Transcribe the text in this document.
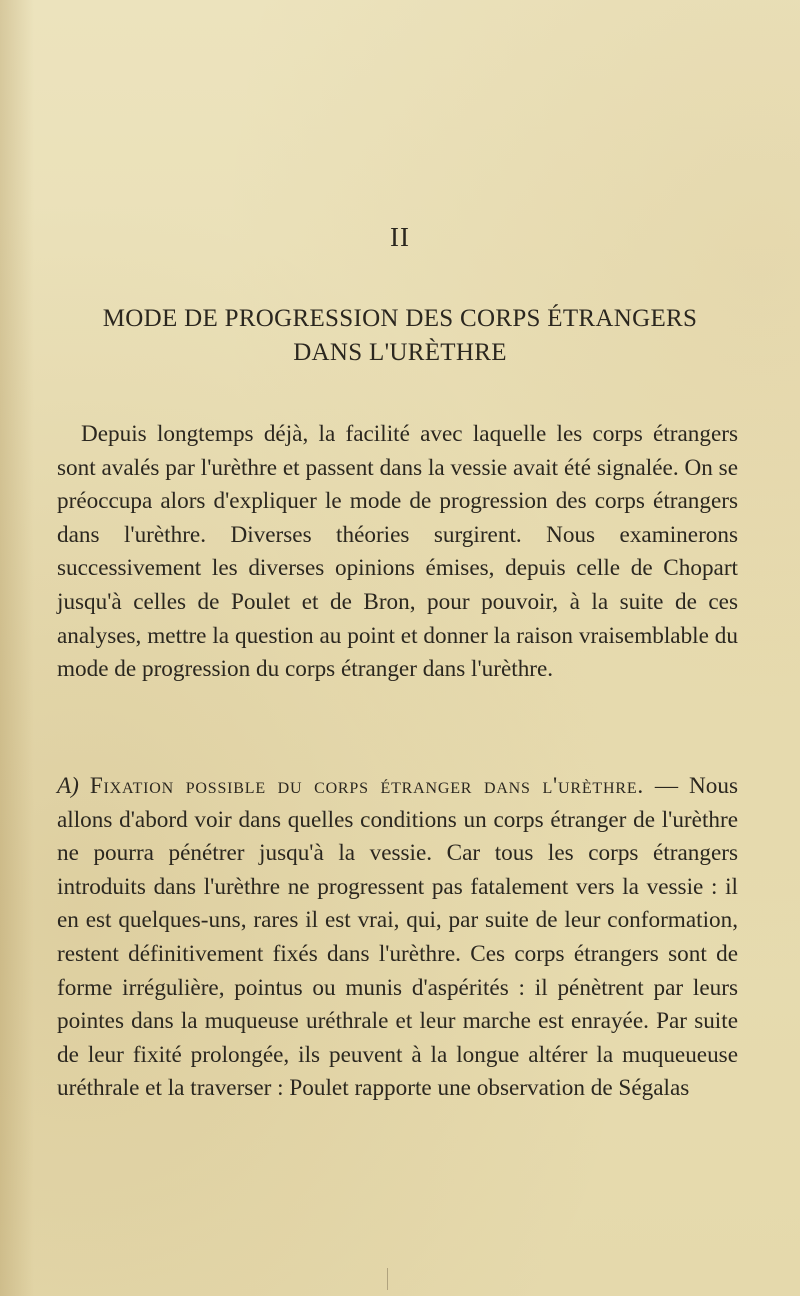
II
MODE DE PROGRESSION DES CORPS ÉTRANGERS
DANS L'URÈTHRE

Depuis longtemps déjà, la facilité avec laquelle les corps étrangers sont avalés par l'urèthre et passent dans la vessie avait été signalée. On se préoccupa alors d'expliquer le mode de progression des corps étrangers dans l'urèthre. Diverses théories surgirent. Nous examinerons successivement les diverses opinions émises, depuis celle de Chopart jusqu'à celles de Poulet et de Bron, pour pouvoir, à la suite de ces analyses, mettre la question au point et donner la raison vraisemblable du mode de progression du corps étranger dans l'urèthre.

A) Fixation possible du corps étranger dans l'urèthre. — Nous allons d'abord voir dans quelles conditions un corps étranger de l'urèthre ne pourra pénétrer jusqu'à la vessie. Car tous les corps étrangers introduits dans l'urèthre ne progressent pas fatalement vers la vessie : il en est quelques-uns, rares il est vrai, qui, par suite de leur conformation, restent définitivement fixés dans l'urèthre. Ces corps étrangers sont de forme irrégulière, pointus ou munis d'aspérités : il pénètrent par leurs pointes dans la muqueuse uréthrale et leur marche est enrayée. Par suite de leur fixité prolongée, ils peuvent à la longue altérer la muqueueuse uréthrale et la traverser : Poulet rapporte une observation de Ségalas
